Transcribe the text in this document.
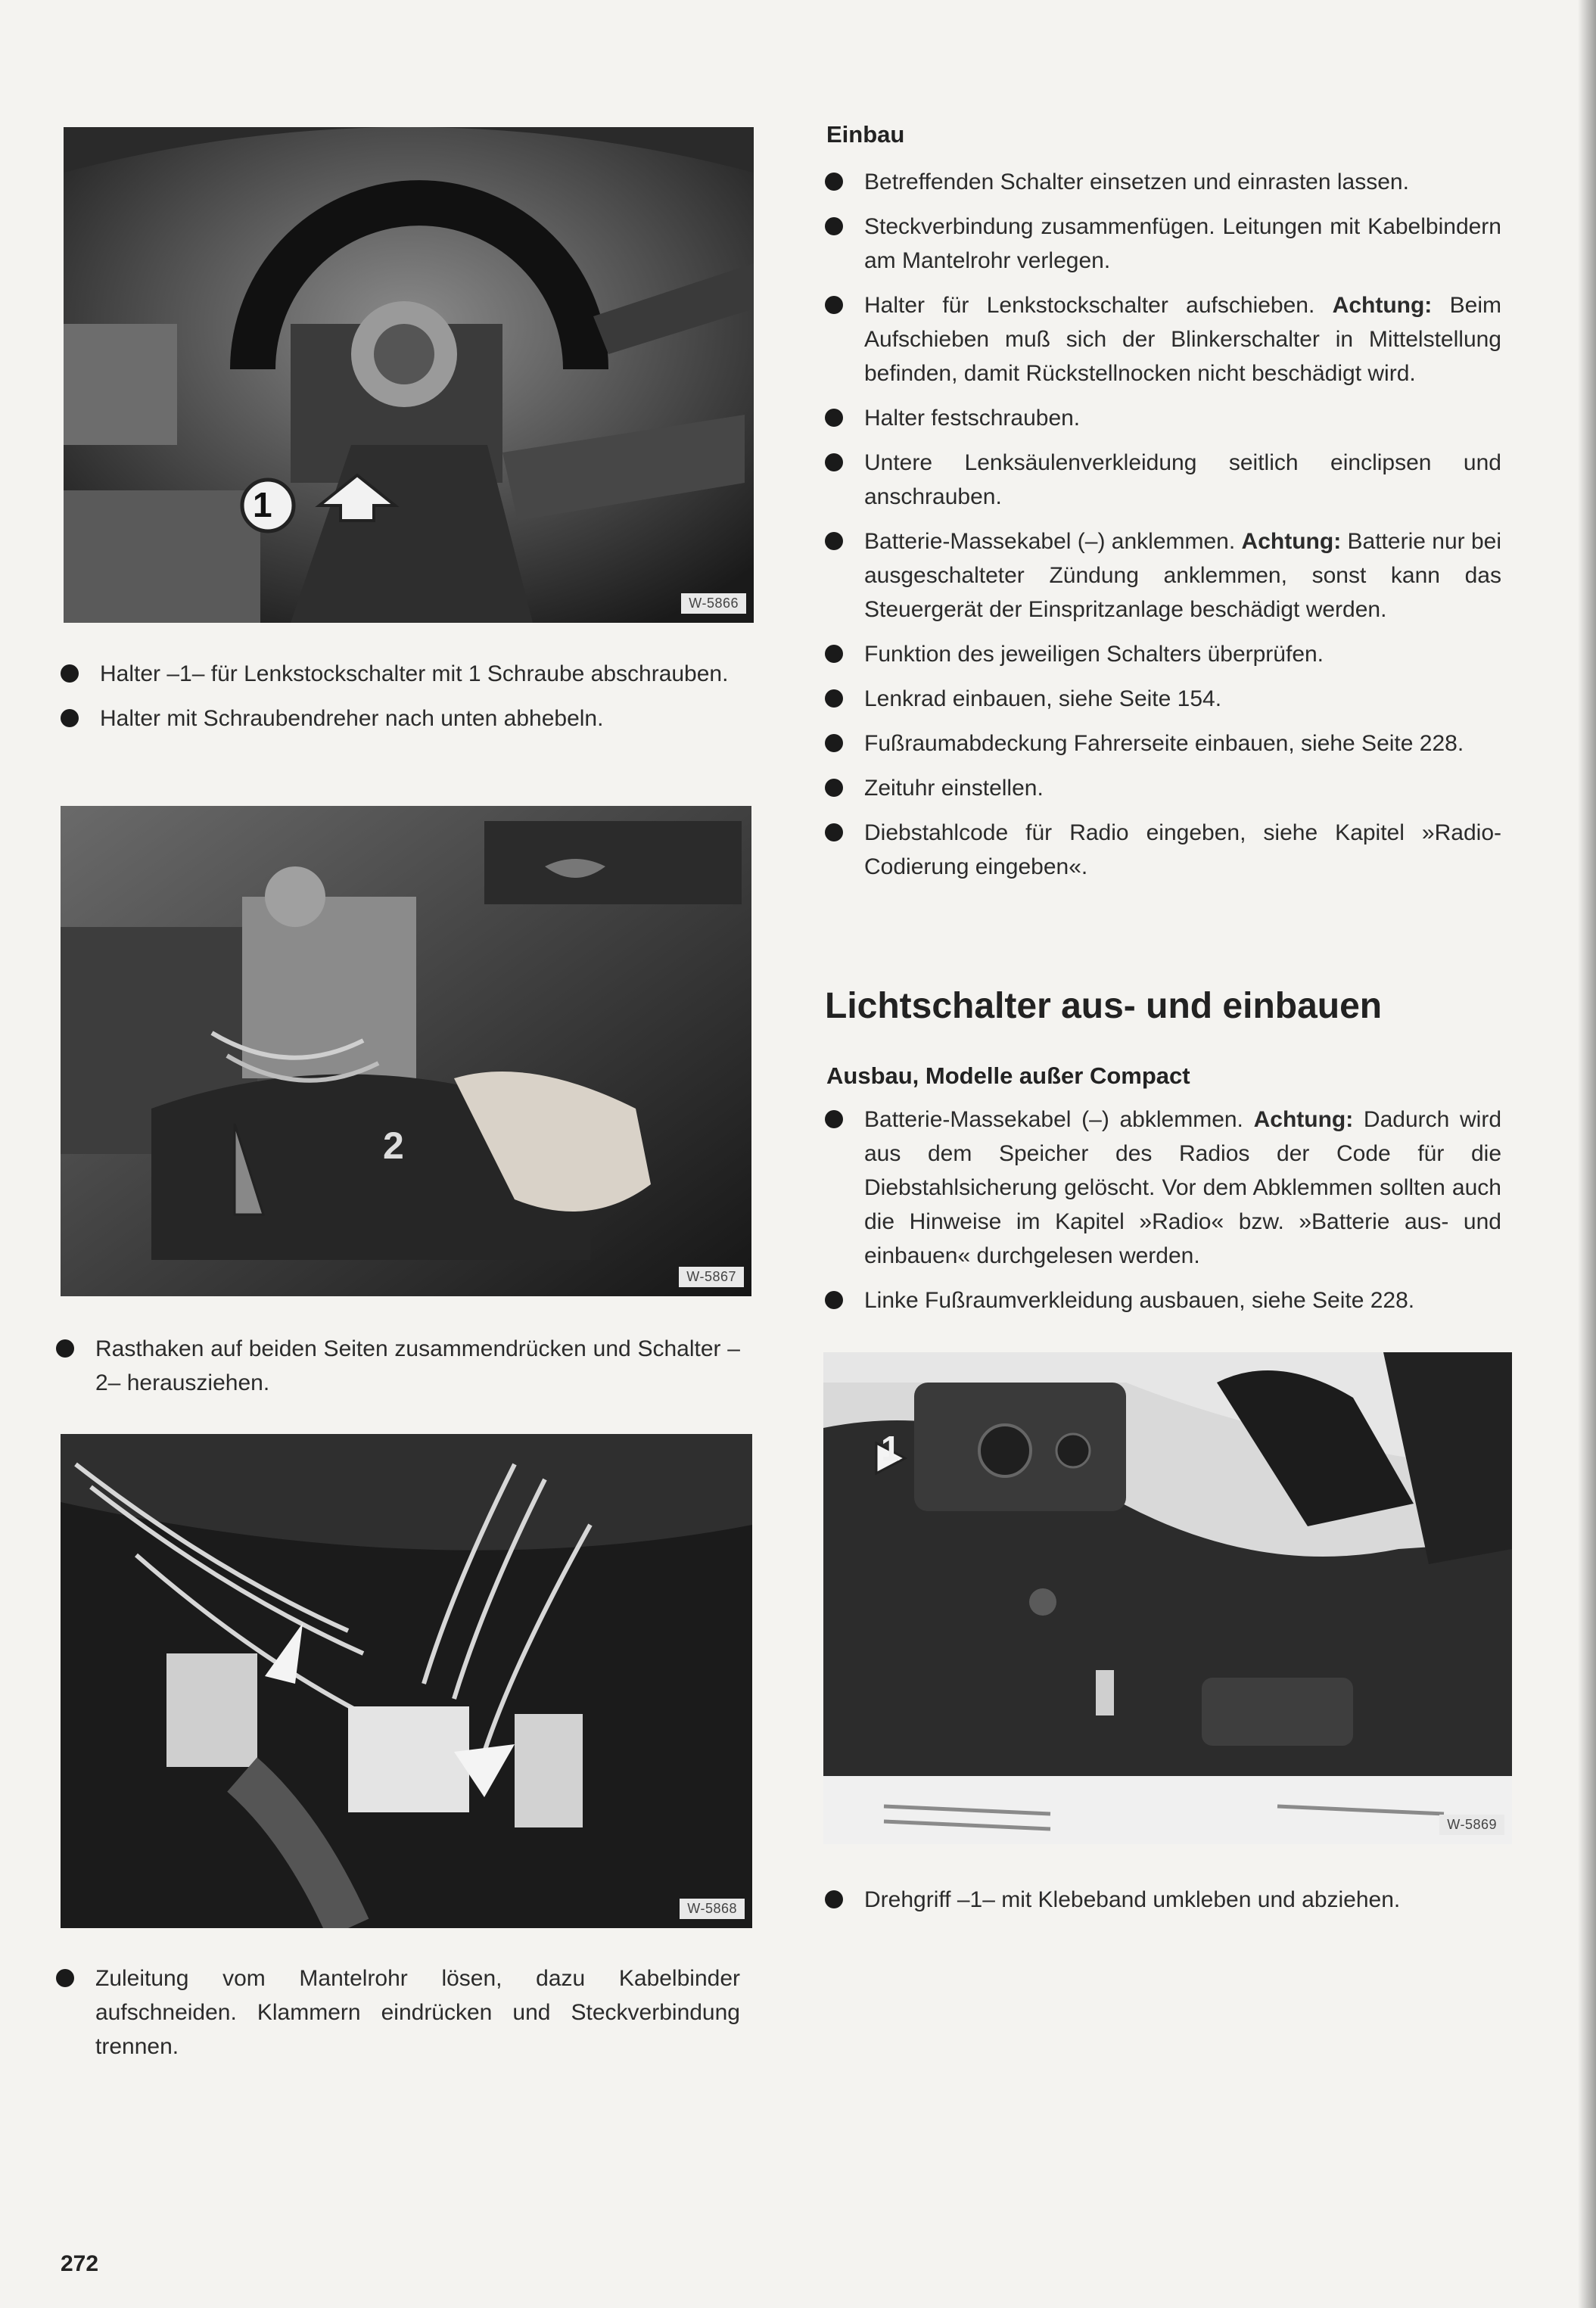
1
W-5866
Halter –1– für Lenkstockschalter mit 1 Schraube abschrauben.
Halter mit Schraubendreher nach unten abhebeln.
2
W-5867
Rasthaken auf beiden Seiten zusammendrücken und Schalter –2– herausziehen.
W-5868
Zuleitung vom Mantelrohr lösen, dazu Kabelbinder aufschneiden. Klammern eindrücken und Steckverbindung trennen.
Einbau
Betreffenden Schalter einsetzen und einrasten lassen.
Steckverbindung zusammenfügen. Leitungen mit Kabelbindern am Mantelrohr verlegen.
Halter für Lenkstockschalter aufschieben. Achtung: Beim Aufschieben muß sich der Blinkerschalter in Mittelstellung befinden, damit Rückstellnocken nicht beschädigt wird.
Halter festschrauben.
Untere Lenksäulenverkleidung seitlich einclipsen und anschrauben.
Batterie-Massekabel (–) anklemmen. Achtung: Batterie nur bei ausgeschalteter Zündung anklemmen, sonst kann das Steuergerät der Einspritzanlage beschädigt werden.
Funktion des jeweiligen Schalters überprüfen.
Lenkrad einbauen, siehe Seite 154.
Fußraumabdeckung Fahrerseite einbauen, siehe Seite 228.
Zeituhr einstellen.
Diebstahlcode für Radio eingeben, siehe Kapitel »Radio-Codierung eingeben«.
Lichtschalter aus- und einbauen
Ausbau, Modelle außer Compact
Batterie-Massekabel (–) abklemmen. Achtung: Dadurch wird aus dem Speicher des Radios der Code für die Diebstahlsicherung gelöscht. Vor dem Abklemmen sollten auch die Hinweise im Kapitel »Radio« bzw. »Batterie aus- und einbauen« durchgelesen werden.
Linke Fußraumverkleidung ausbauen, siehe Seite 228.
1
W-5869
Drehgriff –1– mit Klebeband umkleben und abziehen.
272
